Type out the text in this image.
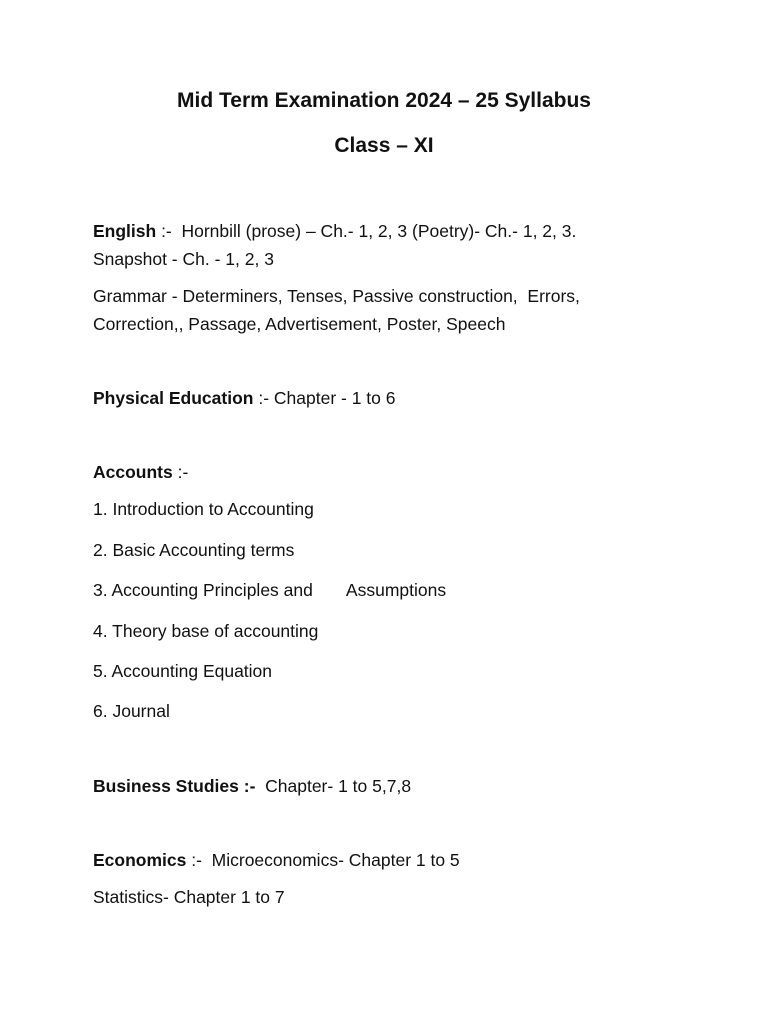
Mid Term Examination 2024 – 25 Syllabus
Class – XI
English :-  Hornbill (prose) – Ch.- 1, 2, 3 (Poetry)- Ch.- 1, 2, 3.
Snapshot - Ch. - 1, 2, 3
Grammar - Determiners, Tenses, Passive construction,  Errors,
Correction,, Passage, Advertisement, Poster, Speech
Physical Education :- Chapter - 1 to 6
Accounts :-
1. Introduction to Accounting
2. Basic Accounting terms
3. Accounting Principles and       Assumptions
4. Theory base of accounting
5. Accounting Equation
6. Journal
Business Studies :-  Chapter- 1 to 5,7,8
Economics :-  Microeconomics- Chapter 1 to 5
Statistics- Chapter 1 to 7
